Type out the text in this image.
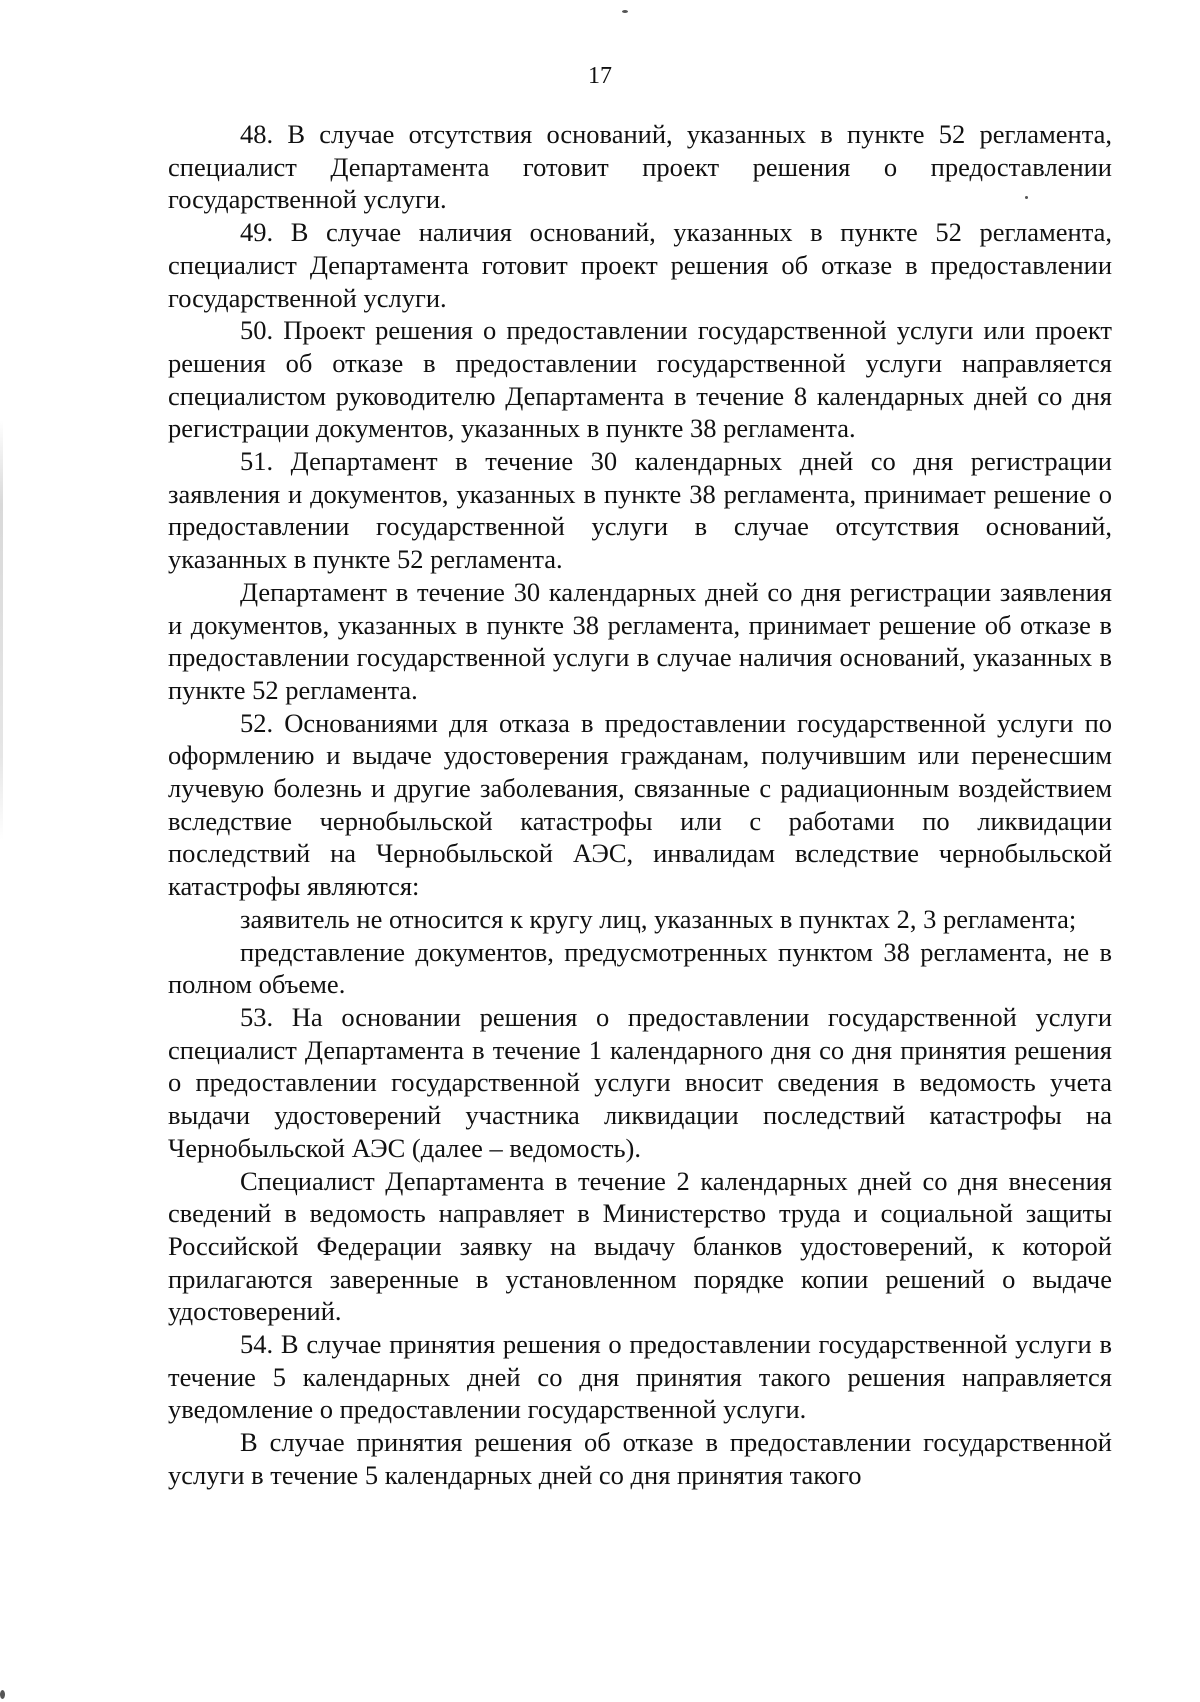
17

48. В случае отсутствия оснований, указанных в пункте 52 регламента, специалист Департамента готовит проект решения о предоставлении государственной услуги.

49. В случае наличия оснований, указанных в пункте 52 регламента, специалист Департамента готовит проект решения об отказе в предоставлении государственной услуги.

50. Проект решения о предоставлении государственной услуги или проект решения об отказе в предоставлении государственной услуги направляется специалистом руководителю Департамента в течение 8 календарных дней со дня регистрации документов, указанных в пункте 38 регламента.

51. Департамент в течение 30 календарных дней со дня регистрации заявления и документов, указанных в пункте 38 регламента, принимает решение о предоставлении государственной услуги в случае отсутствия оснований, указанных в пункте 52 регламента.

Департамент в течение 30 календарных дней со дня регистрации заявления и документов, указанных в пункте 38 регламента, принимает решение об отказе в предоставлении государственной услуги в случае наличия оснований, указанных в пункте 52 регламента.

52. Основаниями для отказа в предоставлении государственной услуги по оформлению и выдаче удостоверения гражданам, получившим или перенесшим лучевую болезнь и другие заболевания, связанные с радиационным воздействием вследствие чернобыльской катастрофы или с работами по ликвидации последствий на Чернобыльской АЭС, инвалидам вследствие чернобыльской катастрофы являются:

заявитель не относится к кругу лиц, указанных в пунктах 2, 3 регламента;

представление документов, предусмотренных пунктом 38 регламента, не в полном объеме.

53. На основании решения о предоставлении государственной услуги специалист Департамента в течение 1 календарного дня со дня принятия решения о предоставлении государственной услуги вносит сведения в ведомость учета выдачи удостоверений участника ликвидации последствий катастрофы на Чернобыльской АЭС (далее – ведомость).

Специалист Департамента в течение 2 календарных дней со дня внесения сведений в ведомость направляет в Министерство труда и социальной защиты Российской Федерации заявку на выдачу бланков удостоверений, к которой прилагаются заверенные в установленном порядке копии решений о выдаче удостоверений.

54. В случае принятия решения о предоставлении государственной услуги в течение 5 календарных дней со дня принятия такого решения направляется уведомление о предоставлении государственной услуги.

В случае принятия решения об отказе в предоставлении государственной услуги в течение 5 календарных дней со дня принятия такого
